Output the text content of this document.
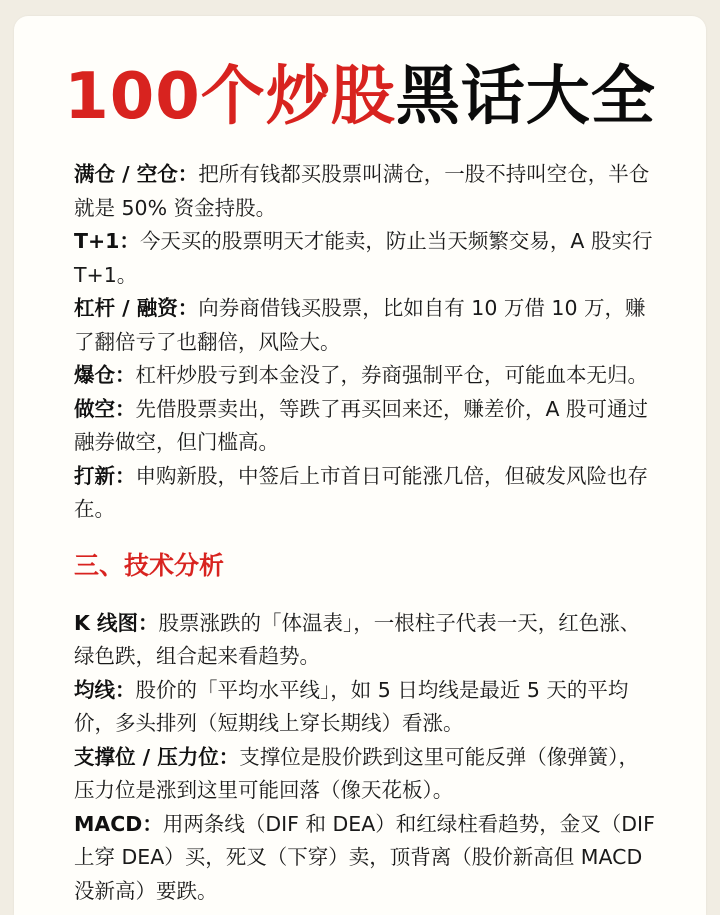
100个炒股黑话大全

满仓 / 空仓：把所有钱都买股票叫满仓，一股不持叫空仓，半仓就是 50% 资金持股。

T+1：今天买的股票明天才能卖，防止当天频繁交易，A 股实行 T+1。

杠杆 / 融资：向券商借钱买股票，比如自有 10 万借 10 万，赚了翻倍亏了也翻倍，风险大。

爆仓：杠杆炒股亏到本金没了，券商强制平仓，可能血本无归。

做空：先借股票卖出，等跌了再买回来还，赚差价，A 股可通过融券做空，但门槛高。

打新：申购新股，中签后上市首日可能涨几倍，但破发风险也存在。

三、技术分析

K 线图：股票涨跌的「体温表」，一根柱子代表一天，红色涨、绿色跌，组合起来看趋势。

均线：股价的「平均水平线」，如 5 日均线是最近 5 天的平均价，多头排列（短期线上穿长期线）看涨。

支撑位 / 压力位：支撑位是股价跌到这里可能反弹（像弹簧），压力位是涨到这里可能回落（像天花板）。

MACD：用两条线（DIF 和 DEA）和红绿柱看趋势，金叉（DIF 上穿 DEA）买，死叉（下穿）卖，顶背离（股价新高但 MACD 没新高）要跌。
